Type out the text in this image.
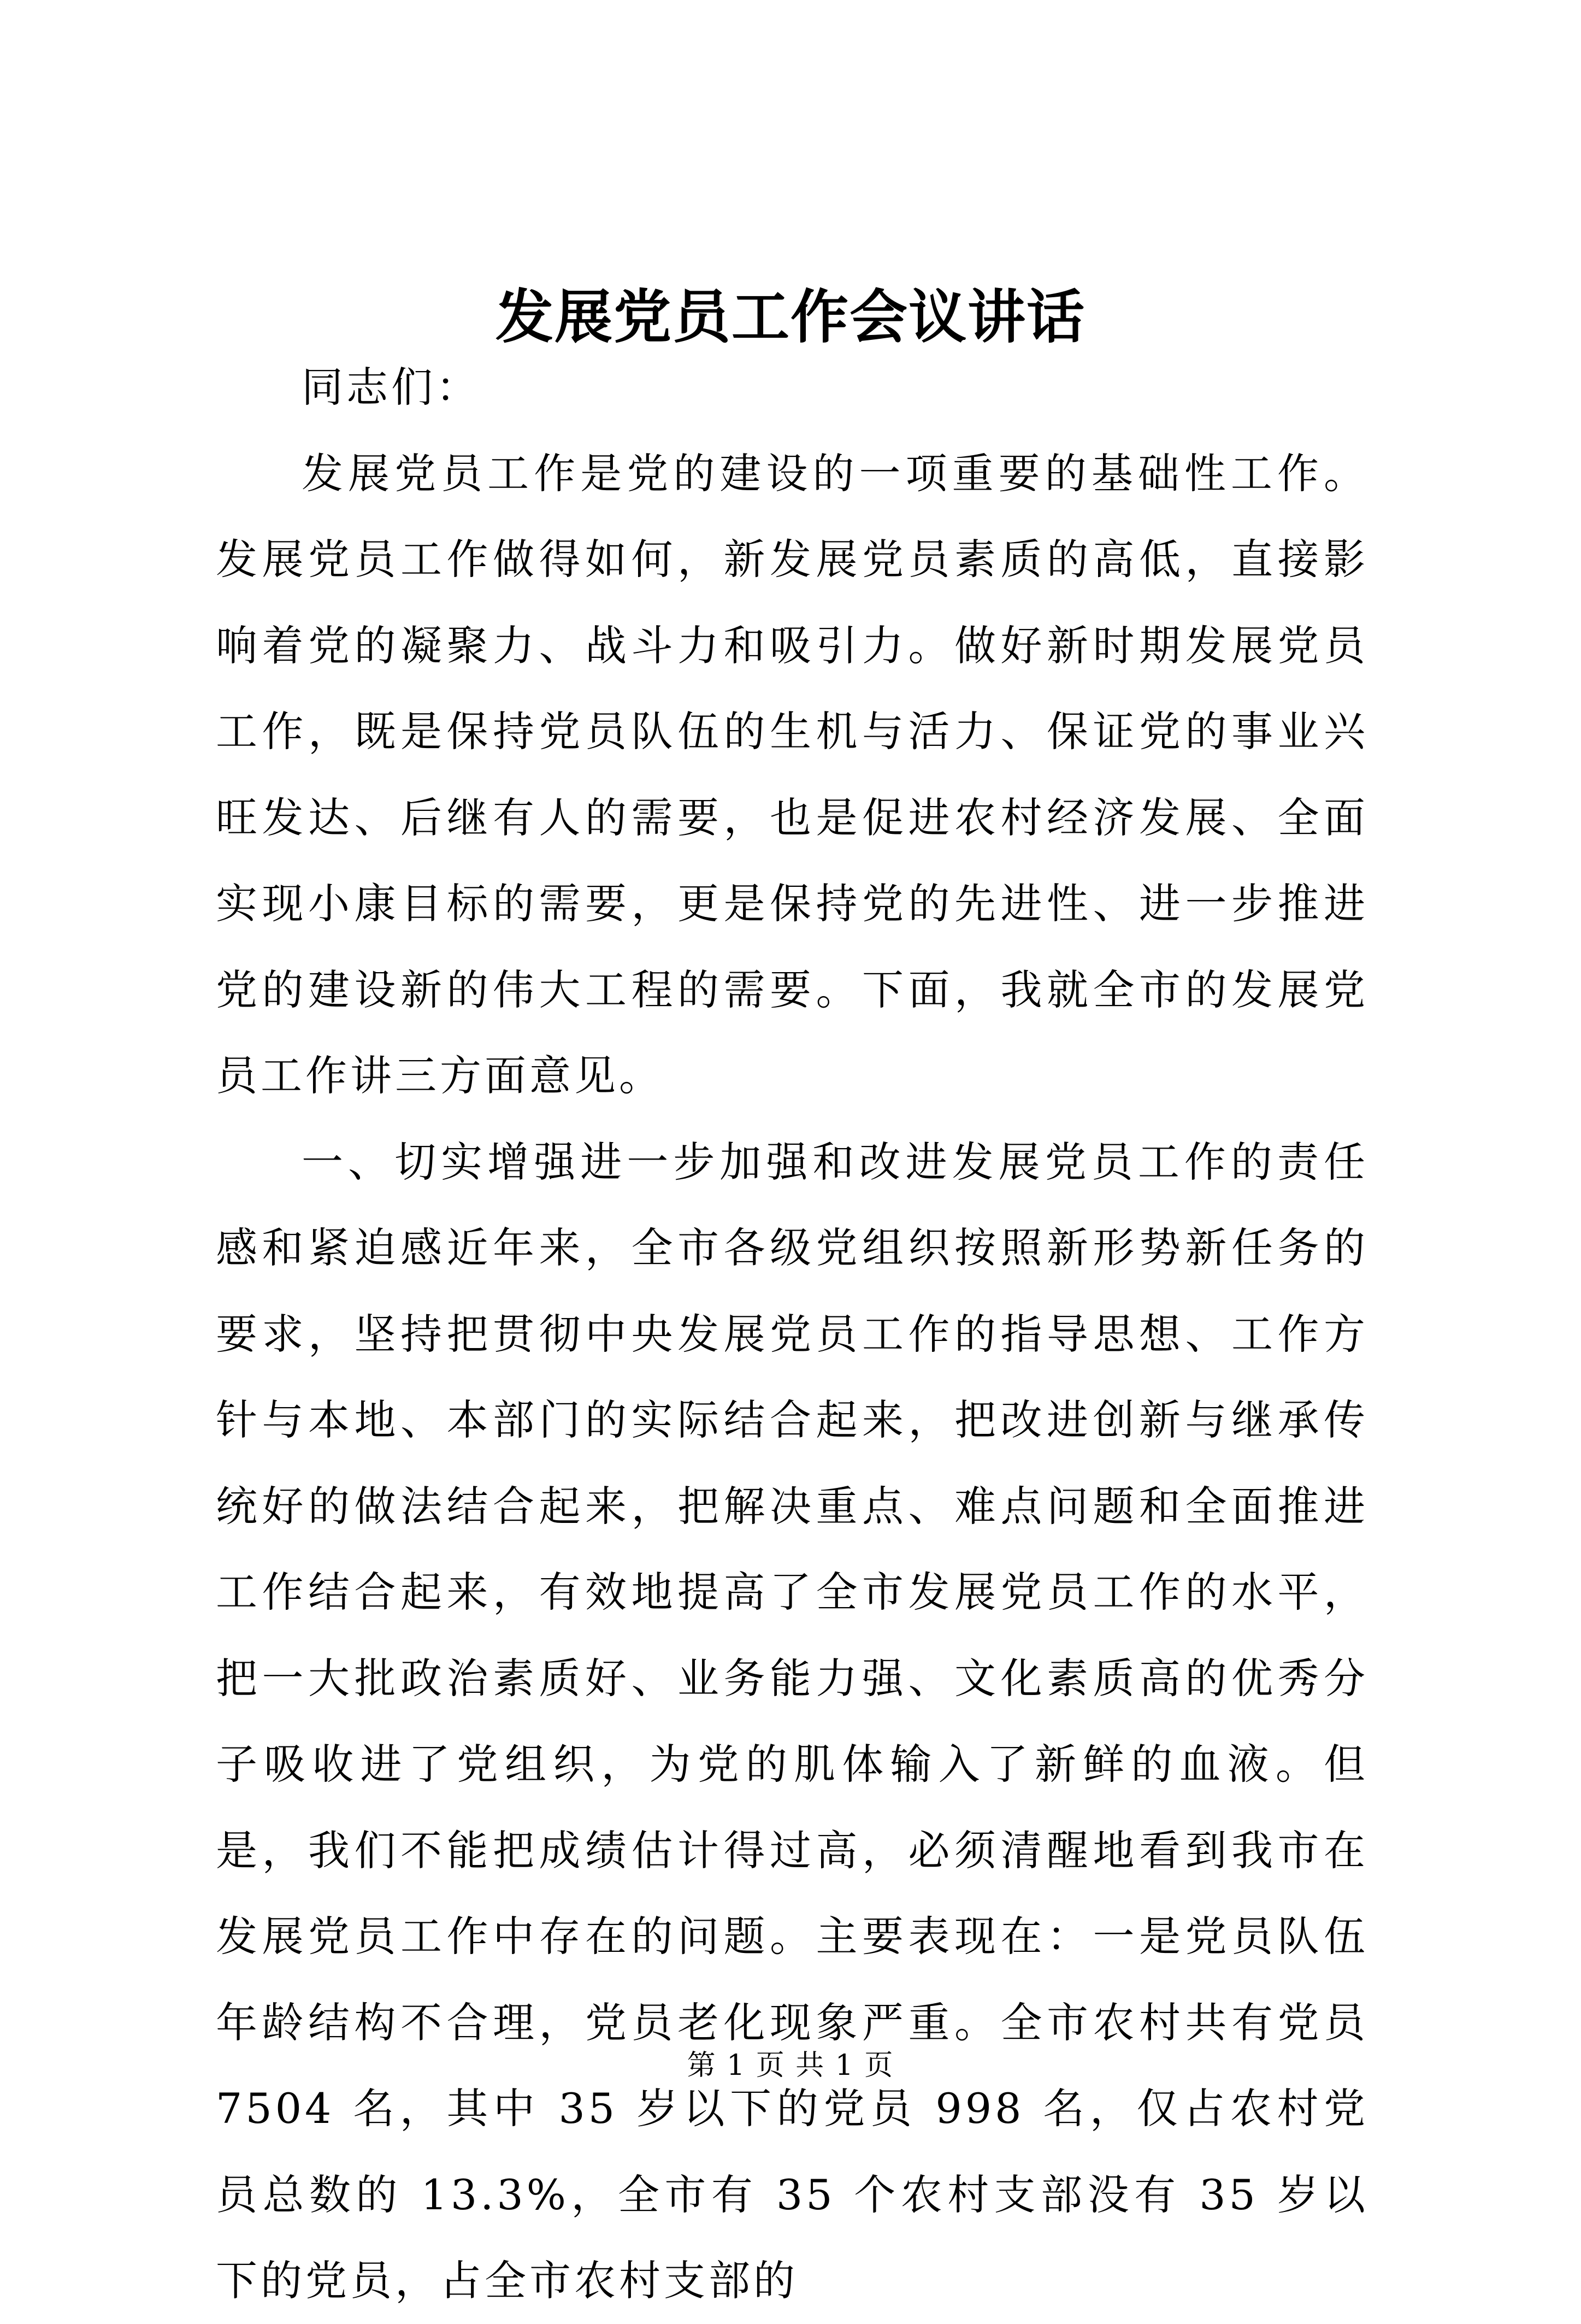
发展党员工作会议讲话

同志们：

发展党员工作是党的建设的一项重要的基础性工作。发展党员工作做得如何，新发展党员素质的高低，直接影响着党的凝聚力、战斗力和吸引力。做好新时期发展党员工作，既是保持党员队伍的生机与活力、保证党的事业兴旺发达、后继有人的需要，也是促进农村经济发展、全面实现小康目标的需要，更是保持党的先进性、进一步推进党的建设新的伟大工程的需要。下面，我就全市的发展党员工作讲三方面意见。

一、切实增强进一步加强和改进发展党员工作的责任感和紧迫感近年来，全市各级党组织按照新形势新任务的要求，坚持把贯彻中央发展党员工作的指导思想、工作方针与本地、本部门的实际结合起来，把改进创新与继承传统好的做法结合起来，把解决重点、难点问题和全面推进工作结合起来，有效地提高了全市发展党员工作的水平，把一大批政治素质好、业务能力强、文化素质高的优秀分子吸收进了党组织，为党的肌体输入了新鲜的血液。但是，我们不能把成绩估计得过高，必须清醒地看到我市在发展党员工作中存在的问题。主要表现在：一是党员队伍年龄结构不合理，党员老化现象严重。全市农村共有党员 7504 名，其中 35 岁以下的党员 998 名，仅占农村党员总数的 13.3%，全市有 35 个农村支部没有 35 岁以下的党员，占全市农村支部的

第 1 页 共 1 页
